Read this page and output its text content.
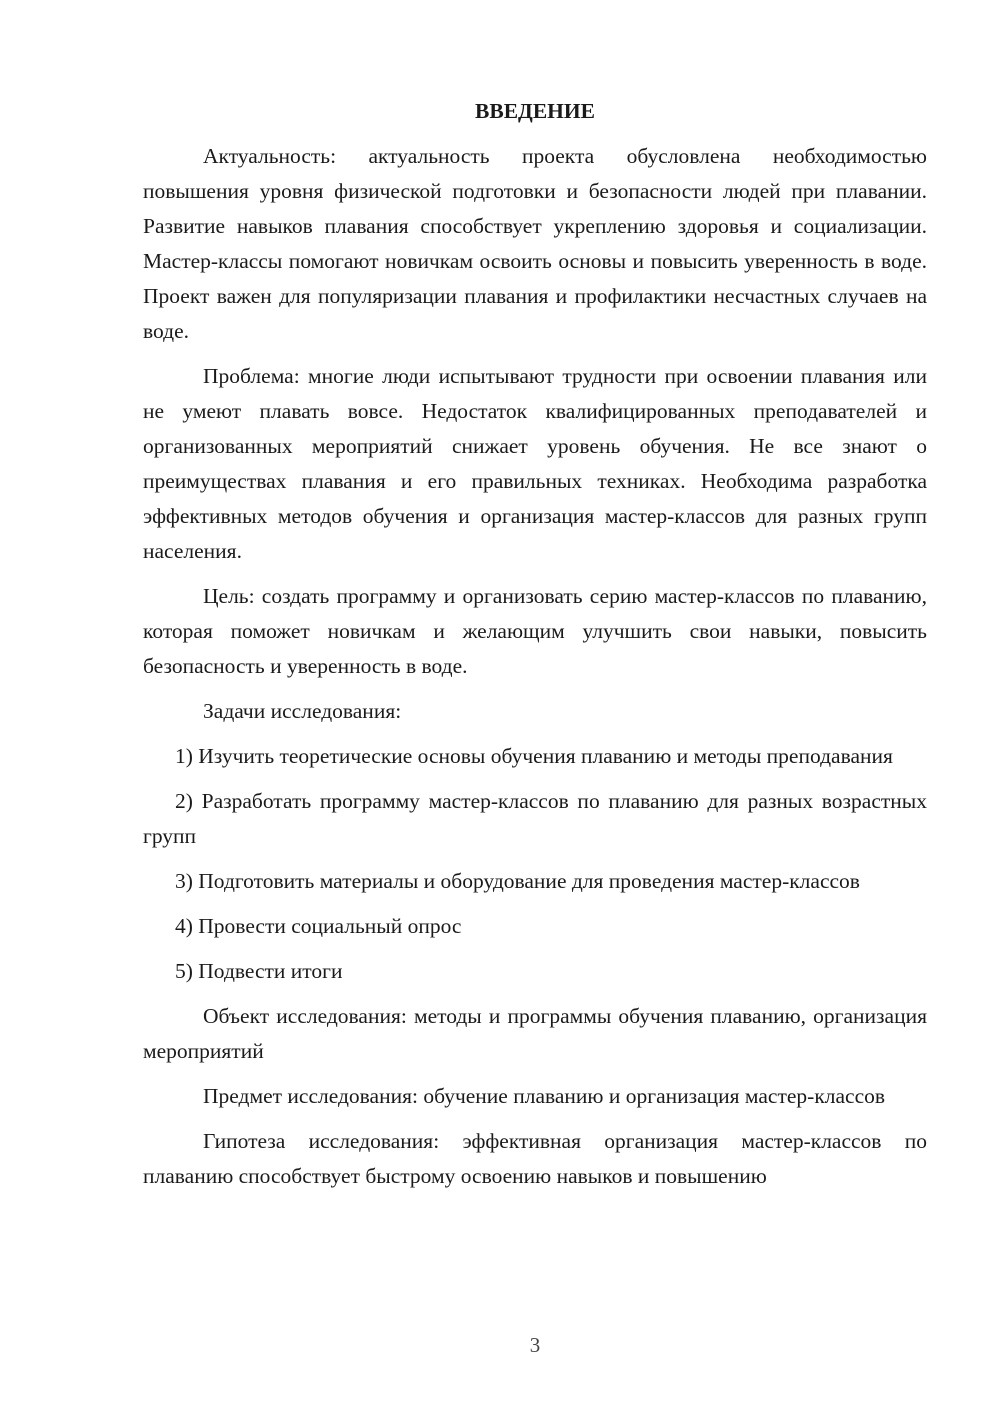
ВВЕДЕНИЕ

Актуальность: актуальность проекта обусловлена необходимостью повышения уровня физической подготовки и безопасности людей при плавании. Развитие навыков плавания способствует укреплению здоровья и социализации. Мастер-классы помогают новичкам освоить основы и повысить уверенность в воде. Проект важен для популяризации плавания и профилактики несчастных случаев на воде.

Проблема: многие люди испытывают трудности при освоении плавания или не умеют плавать вовсе. Недостаток квалифицированных преподавателей и организованных мероприятий снижает уровень обучения. Не все знают о преимуществах плавания и его правильных техниках. Необходима разработка эффективных методов обучения и организация мастер-классов для разных групп населения.

Цель: создать программу и организовать серию мастер-классов по плаванию, которая поможет новичкам и желающим улучшить свои навыки, повысить безопасность и уверенность в воде.

Задачи исследования:

1) Изучить теоретические основы обучения плаванию и методы преподавания

2) Разработать программу мастер-классов по плаванию для разных возрастных групп

3) Подготовить материалы и оборудование для проведения мастер-классов

4) Провести социальный опрос

5) Подвести итоги

Объект исследования: методы и программы обучения плаванию, организация мероприятий

Предмет исследования: обучение плаванию и организация мастер-классов

Гипотеза исследования: эффективная организация мастер-классов по плаванию способствует быстрому освоению навыков и повышению

3
